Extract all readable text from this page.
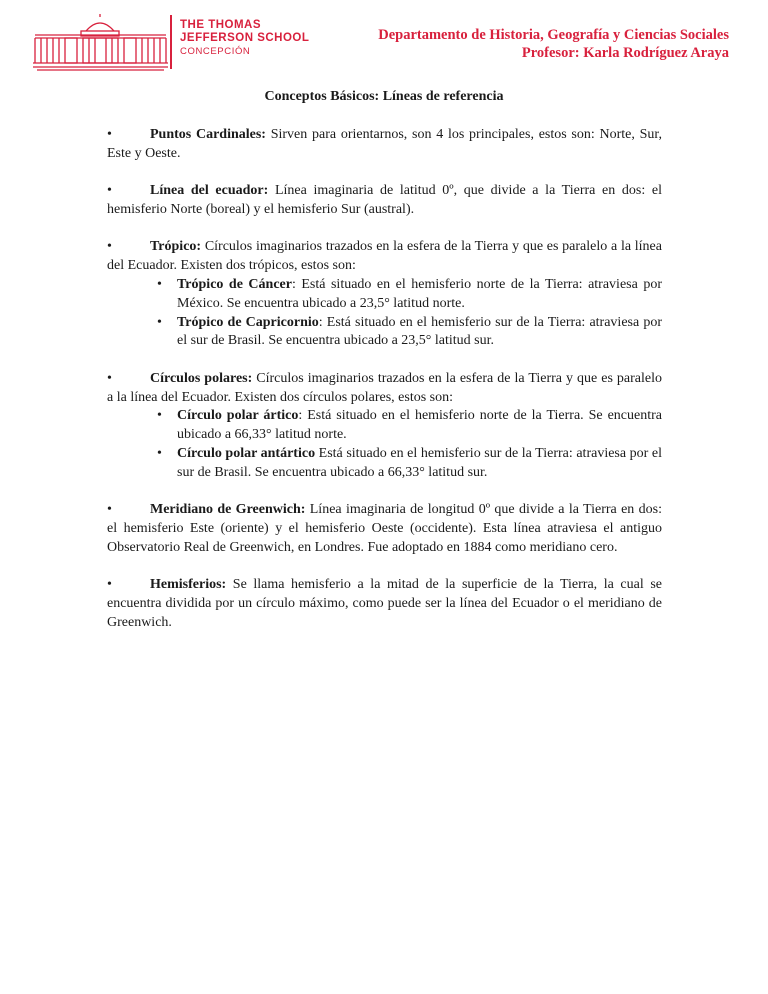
THE THOMAS
JEFFERSON SCHOOL
CONCEPCIÓN
Departamento de Historia, Geografía y Ciencias Sociales
Profesor: Karla Rodríguez Araya
Conceptos Básicos: Líneas de referencia
•	Puntos Cardinales: Sirven para orientarnos, son 4 los principales, estos son: Norte, Sur, Este y Oeste.
•	Línea del ecuador: Línea imaginaria de latitud 0º, que divide a la Tierra en dos: el hemisferio Norte (boreal) y el hemisferio Sur (austral).
•	Trópico: Círculos imaginarios trazados en la esfera de la Tierra y que es paralelo a la línea del Ecuador. Existen dos trópicos, estos son:
• Trópico de Cáncer: Está situado en el hemisferio norte de la Tierra: atraviesa por México. Se encuentra ubicado a 23,5° latitud norte.
• Trópico de Capricornio: Está situado en el hemisferio sur de la Tierra: atraviesa por el sur de Brasil. Se encuentra ubicado a 23,5° latitud sur.
•	Círculos polares: Círculos imaginarios trazados en la esfera de la Tierra y que es paralelo a la línea del Ecuador. Existen dos círculos polares, estos son:
• Círculo polar ártico: Está situado en el hemisferio norte de la Tierra. Se encuentra ubicado a 66,33° latitud norte.
• Círculo polar antártico Está situado en el hemisferio sur de la Tierra: atraviesa por el sur de Brasil. Se encuentra ubicado a 66,33° latitud sur.
•	Meridiano de Greenwich: Línea imaginaria de longitud 0º que divide a la Tierra en dos: el hemisferio Este (oriente) y el hemisferio Oeste (occidente). Esta línea atraviesa el antiguo Observatorio Real de Greenwich, en Londres. Fue adoptado en 1884 como meridiano cero.
•	Hemisferios: Se llama hemisferio a la mitad de la superficie de la Tierra, la cual se encuentra dividida por un círculo máximo, como puede ser la línea del Ecuador o el meridiano de Greenwich.
